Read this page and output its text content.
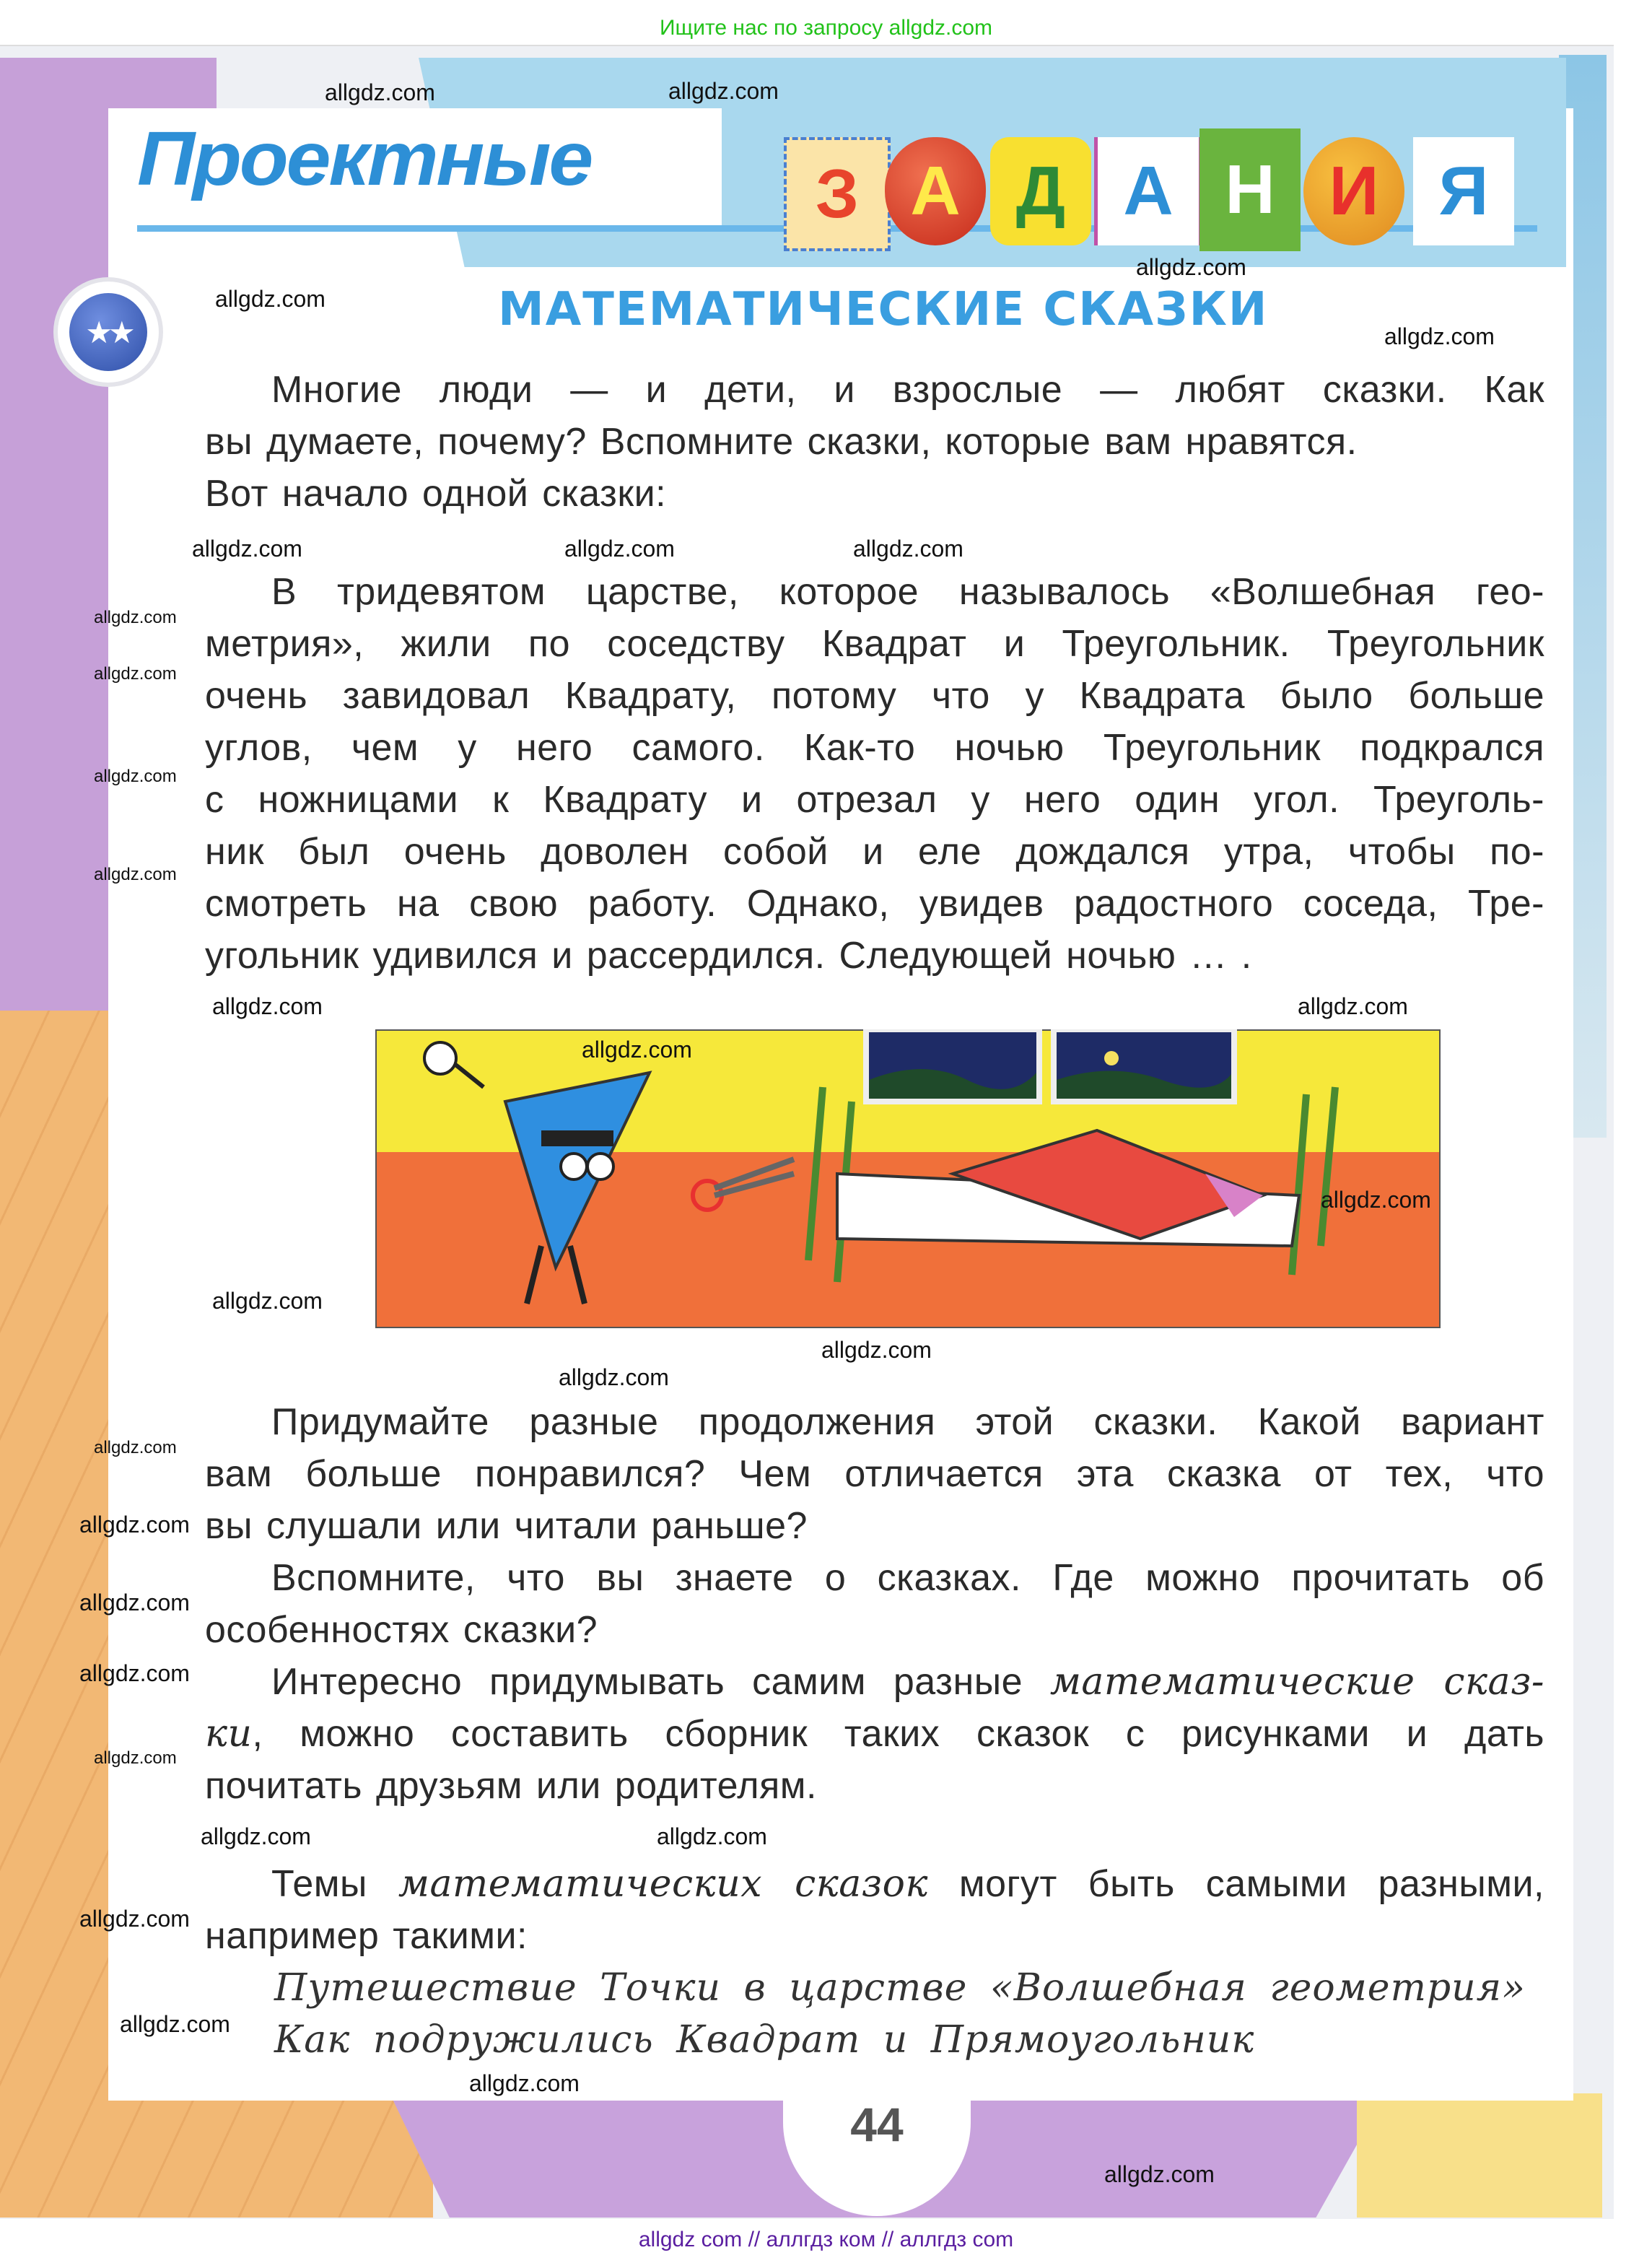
Ищите нас по запросу allgdz.com
Проектные	З А Д А Н И Я
★★	МАТЕМАТИЧЕСКИЕ СКАЗКИ
Многие люди — и дети, и взрослые — любят сказки. Как
вы думаете, почему? Вспомните сказки, которые вам нравятся.
Вот начало одной сказки:
В тридевятом царстве, которое называлось «Волшебная гео-
метрия», жили по соседству Квадрат и Треугольник. Треугольник
очень завидовал Квадрату, потому что у Квадрата было больше
углов, чем у него самого. Как-то ночью Треугольник подкрался
с ножницами к Квадрату и отрезал у него один угол. Треуголь-
ник был очень доволен собой и еле дождался утра, чтобы по-
смотреть на свою работу. Однако, увидев радостного соседа, Тре-
угольник удивился и рассердился. Следующей ночью … .
Придумайте разные продолжения этой сказки. Какой вариант
вам больше понравился? Чем отличается эта сказка от тех, что
вы слушали или читали раньше?
Вспомните, что вы знаете о сказках. Где можно прочитать об
особенностях сказки?
Интересно придумывать самим разные математические сказ-
ки, можно составить сборник таких сказок с рисунками и дать
почитать друзьям или родителям.
Темы математических сказок могут быть самыми разными,
например такими:
Путешествие Точки в царстве «Волшебная геометрия»
Как подружились Квадрат и Прямоугольник
44
allgdz.com
allgdz.com
allgdz.com
allgdz.com
allgdz.com
allgdz.com
allgdz.com	allgdz.com
allgdz.com
allgdz.com
allgdz.com
allgdz.com
allgdz.com
allgdz.com
allgdz.com
allgdz.com
allgdz.com
allgdz.com
allgdz.com
allgdz.com
allgdz.com
allgdz.com
allgdz.com
allgdz.com
allgdz.com	allgdz.com
allgdz.com
allgdz.com
allgdz.com
allgdz.com
allgdz com // аллгдз ком // аллгдз com
